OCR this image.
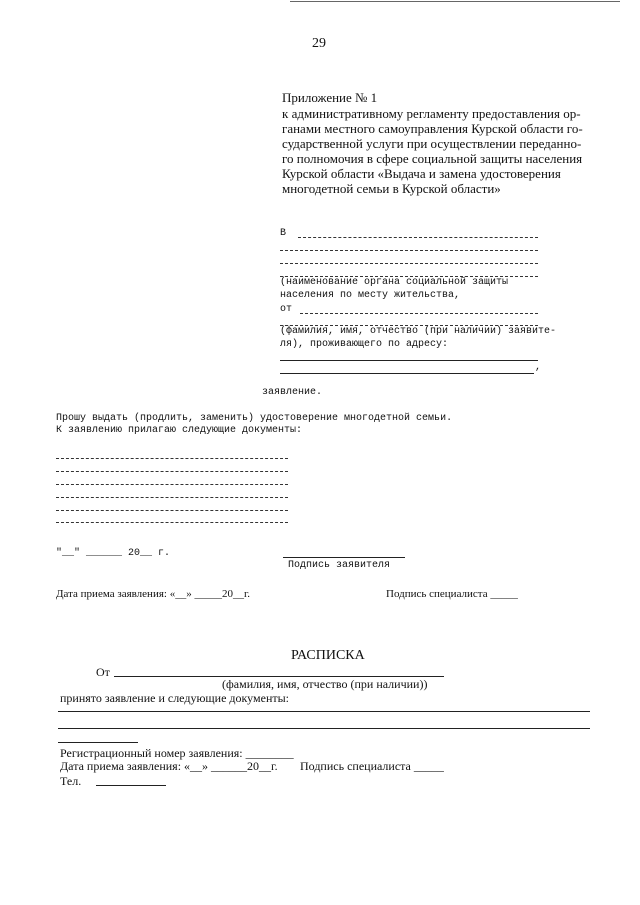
29
Приложение № 1
к административному регламенту предоставления ор-
ганами местного самоуправления Курской области го-
сударственной услуги при осуществлении переданно-
го полномочия в сфере социальной защиты населения
Курской области «Выдача и замена удостоверения
многодетной семьи в Курской области»
В
(наименование органа социальной защиты
населения по месту жительства,
от
(фамилия, имя, отчество (при наличии) заявите-
ля), проживающего по адресу:
,
заявление.
Прошу выдать (продлить, заменить) удостоверение многодетной семьи.
К заявлению прилагаю следующие документы:
"__" ______ 20__ г.
Подпись заявителя
Дата приема заявления: «__» _____20__г.	Подпись специалиста _____
РАСПИСКА
От
(фамилия, имя, отчество (при наличии))
принято заявление и следующие документы:
Регистрационный номер заявления: ________
Дата приема заявления: «__» ______20__г. Подпись специалиста _____
Тел.
